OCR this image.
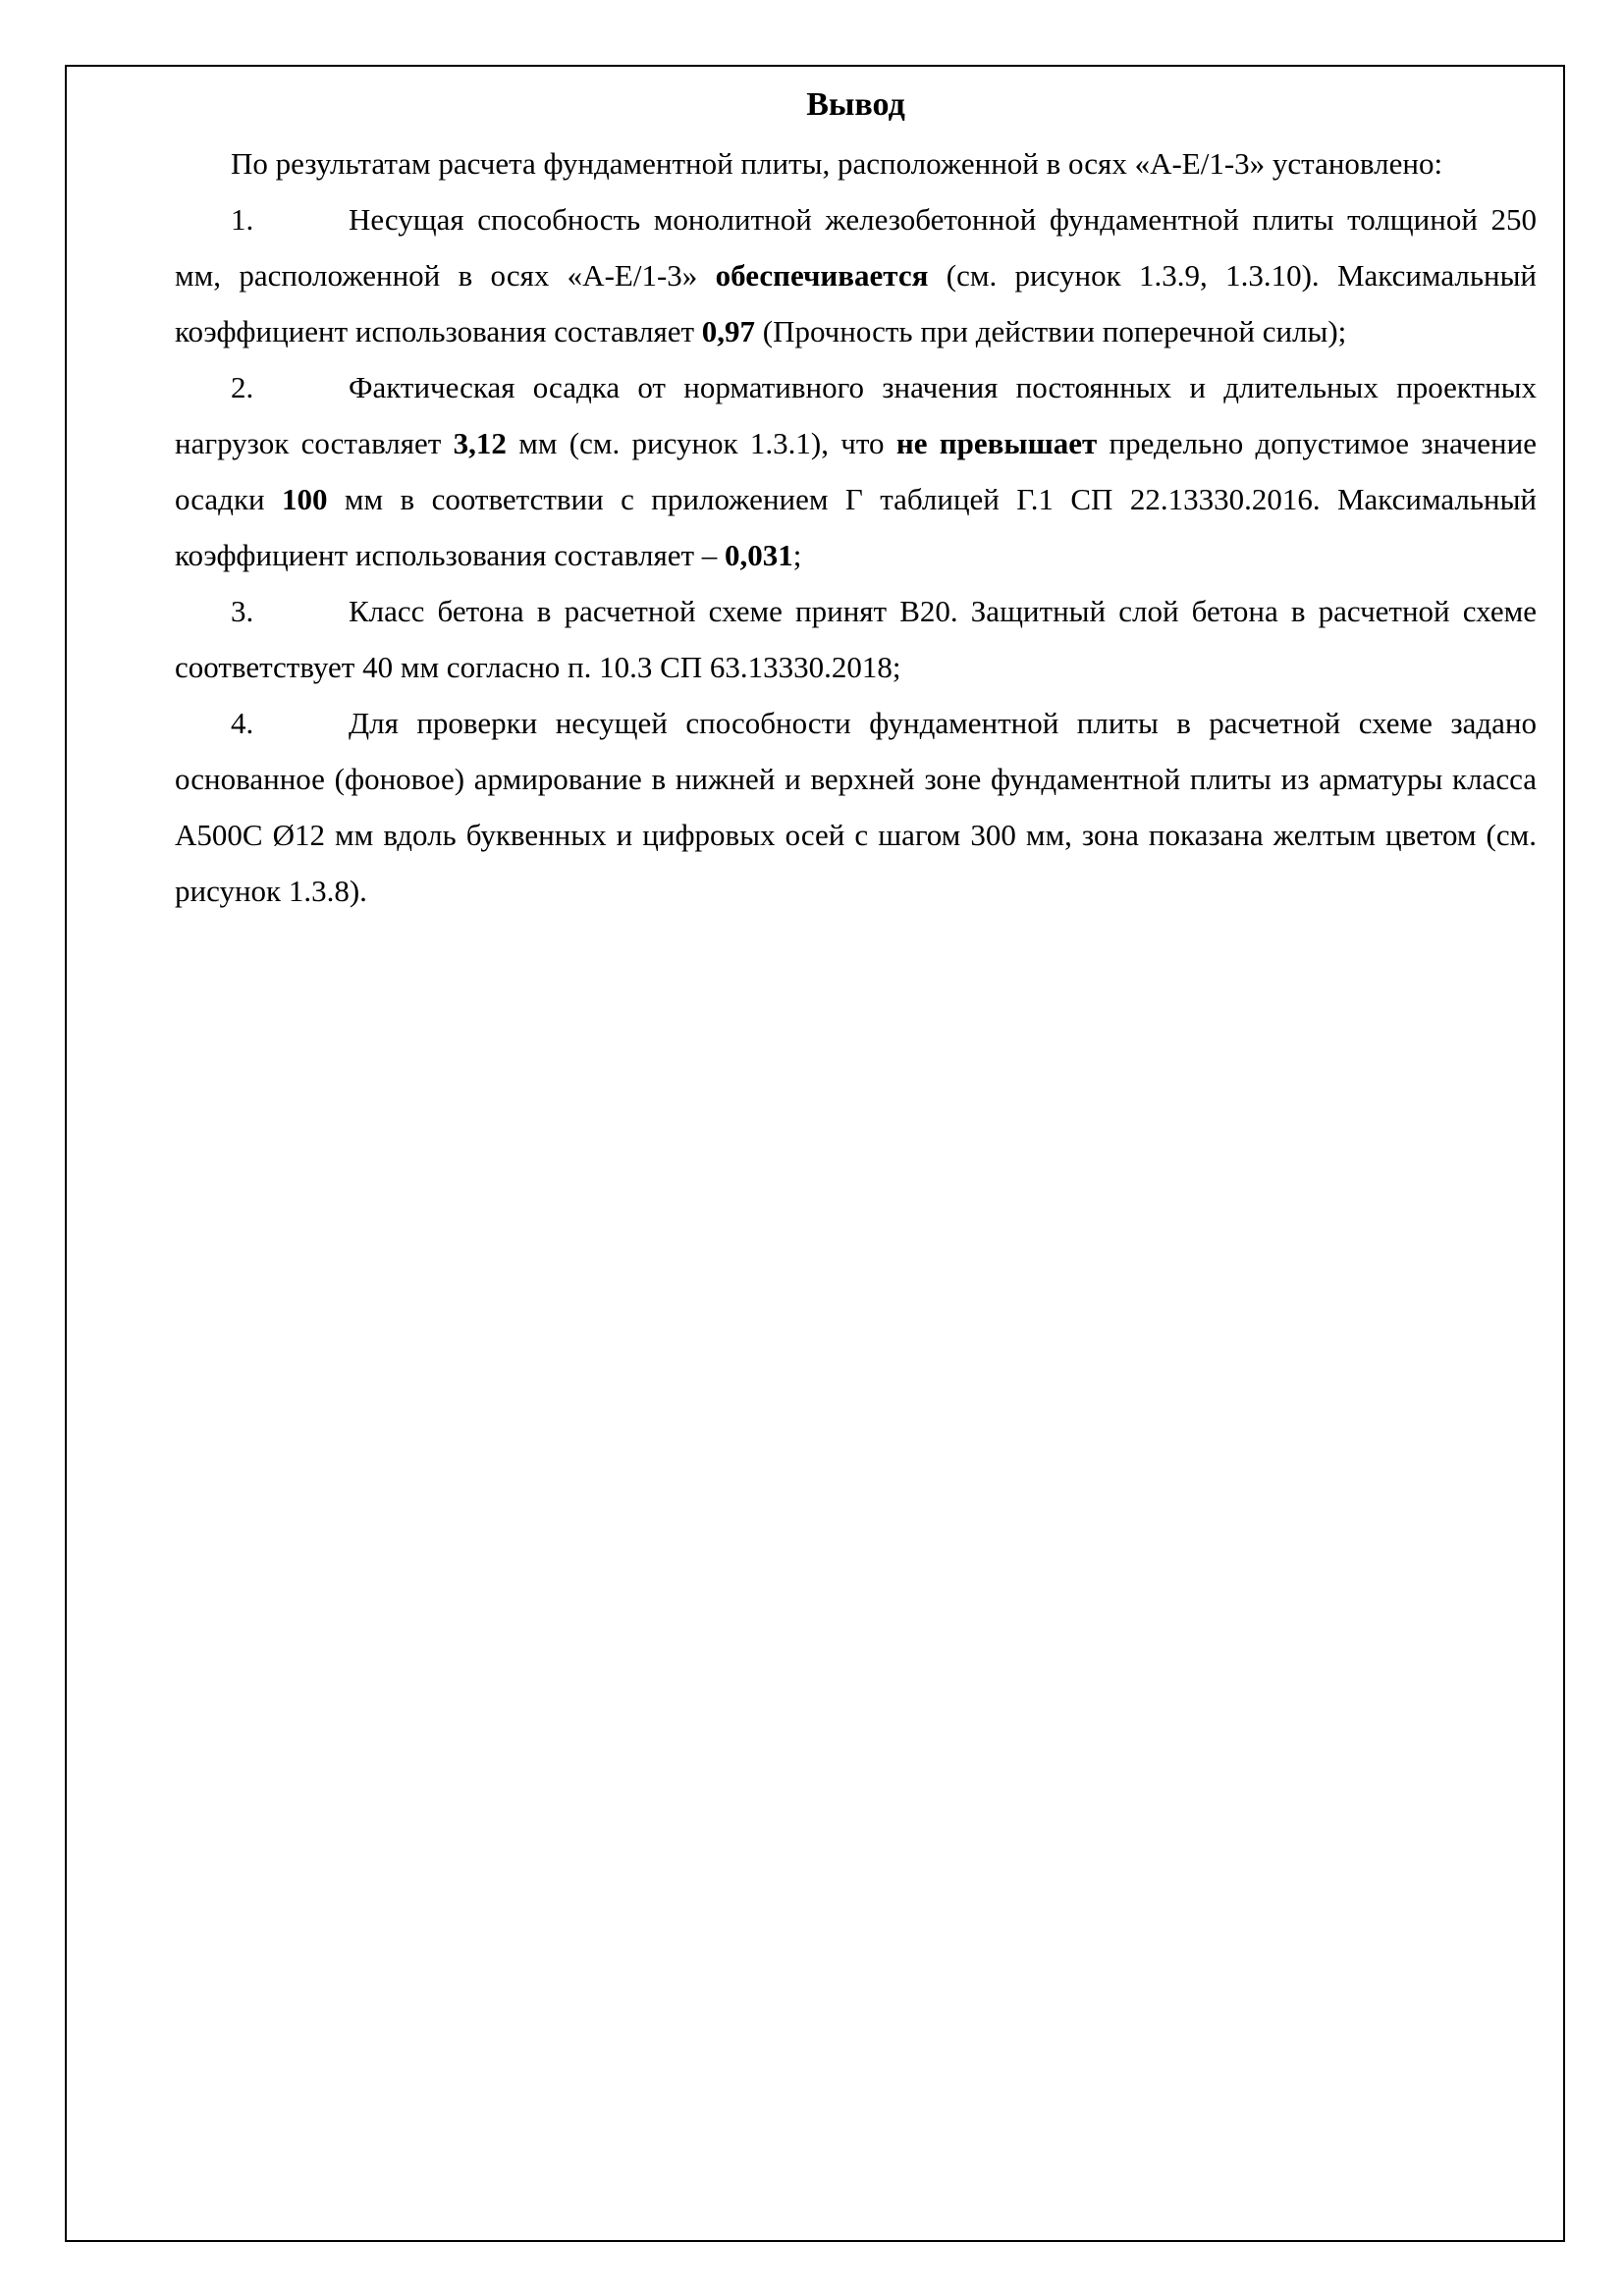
Вывод

По результатам расчета фундаментной плиты, расположенной в осях «А-Е/1-3» установлено:

1.	Несущая способность монолитной железобетонной фундаментной плиты толщиной 250 мм, расположенной в осях «А-Е/1-3» обеспечивается (см. рисунок 1.3.9, 1.3.10). Максимальный коэффициент использования составляет 0,97 (Прочность при действии поперечной силы);

2.	Фактическая осадка от нормативного значения постоянных и длительных проектных нагрузок составляет 3,12 мм (см. рисунок 1.3.1), что не превышает предельно допустимое значение осадки 100 мм в соответствии с приложением Г таблицей Г.1 СП 22.13330.2016. Максимальный коэффициент использования составляет – 0,031;

3.	Класс бетона в расчетной схеме принят B20. Защитный слой бетона в расчетной схеме соответствует 40 мм согласно п. 10.3 СП 63.13330.2018;

4.	Для проверки несущей способности фундаментной плиты в расчетной схеме задано основанное (фоновое) армирование в нижней и верхней зоне фундаментной плиты из арматуры класса А500С Ø12 мм вдоль буквенных и цифровых осей с шагом 300 мм, зона показана желтым цветом (см. рисунок 1.3.8).
